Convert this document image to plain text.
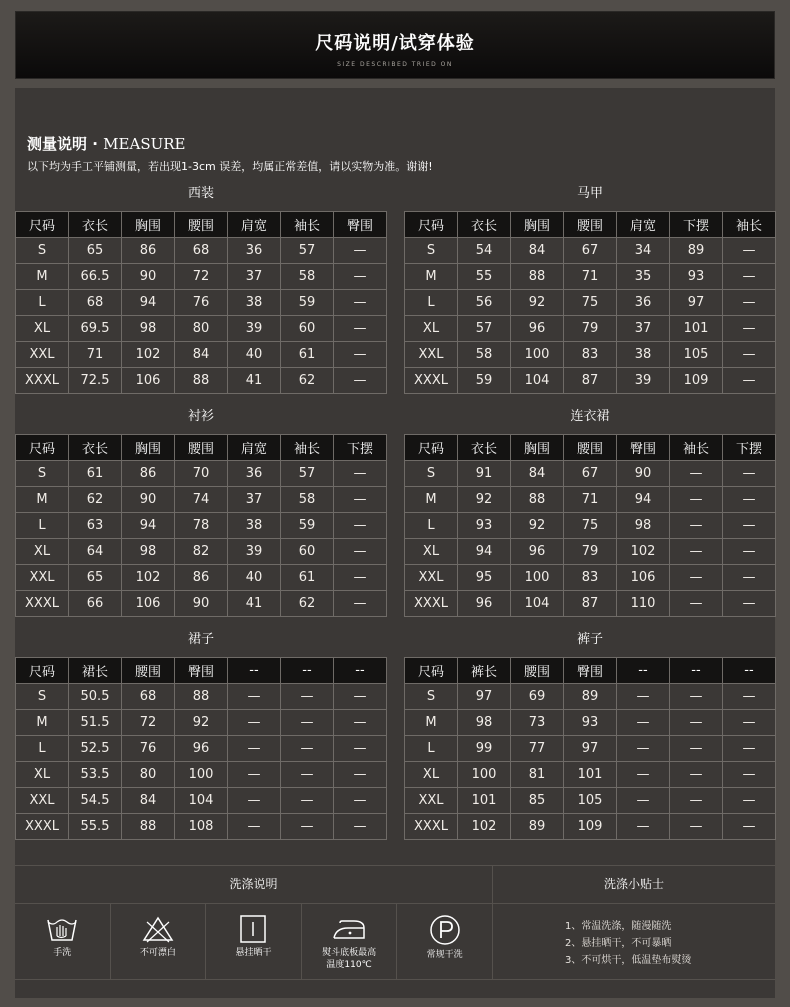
尺码说明/试穿体验
SIZE DESCRIBED TRIED ON
测量说明 · MEASURE
以下均为手工平铺测量，若出现1-3cm 误差，均属正常差值，请以实物为准。谢谢!
西装
尺码	衣长	胸围	腰围	肩宽	袖长	臀围
S	65	86	68	36	57	—
M	66.5	90	72	37	58	—
L	68	94	76	38	59	—
XL	69.5	98	80	39	60	—
XXL	71	102	84	40	61	—
XXXL	72.5	106	88	41	62	—
马甲
尺码	衣长	胸围	腰围	肩宽	下摆	袖长
S	54	84	67	34	89	—
M	55	88	71	35	93	—
L	56	92	75	36	97	—
XL	57	96	79	37	101	—
XXL	58	100	83	38	105	—
XXXL	59	104	87	39	109	—
衬衫
尺码	衣长	胸围	腰围	肩宽	袖长	下摆
S	61	86	70	36	57	—
M	62	90	74	37	58	—
L	63	94	78	38	59	—
XL	64	98	82	39	60	—
XXL	65	102	86	40	61	—
XXXL	66	106	90	41	62	—
连衣裙
尺码	衣长	胸围	腰围	臀围	袖长	下摆
S	91	84	67	90	—	—
M	92	88	71	94	—	—
L	93	92	75	98	—	—
XL	94	96	79	102	—	—
XXL	95	100	83	106	—	—
XXXL	96	104	87	110	—	—
裙子
尺码	裙长	腰围	臀围	--	--	--
S	50.5	68	88	—	—	—
M	51.5	72	92	—	—	—
L	52.5	76	96	—	—	—
XL	53.5	80	100	—	—	—
XXL	54.5	84	104	—	—	—
XXXL	55.5	88	108	—	—	—
裤子
尺码	裤长	腰围	臀围	--	--	--
S	97	69	89	—	—	—
M	98	73	93	—	—	—
L	99	77	97	—	—	—
XL	100	81	101	—	—	—
XXL	101	85	105	—	—	—
XXXL	102	89	109	—	—	—
洗涤说明
手洗	不可漂白	悬挂晒干	熨斗底板最高
温度110℃
常规干洗
洗涤小贴士
1、常温洗涤，随漫随洗
2、悬挂晒干，不可暴晒
3、不可烘干，低温垫布熨烫
